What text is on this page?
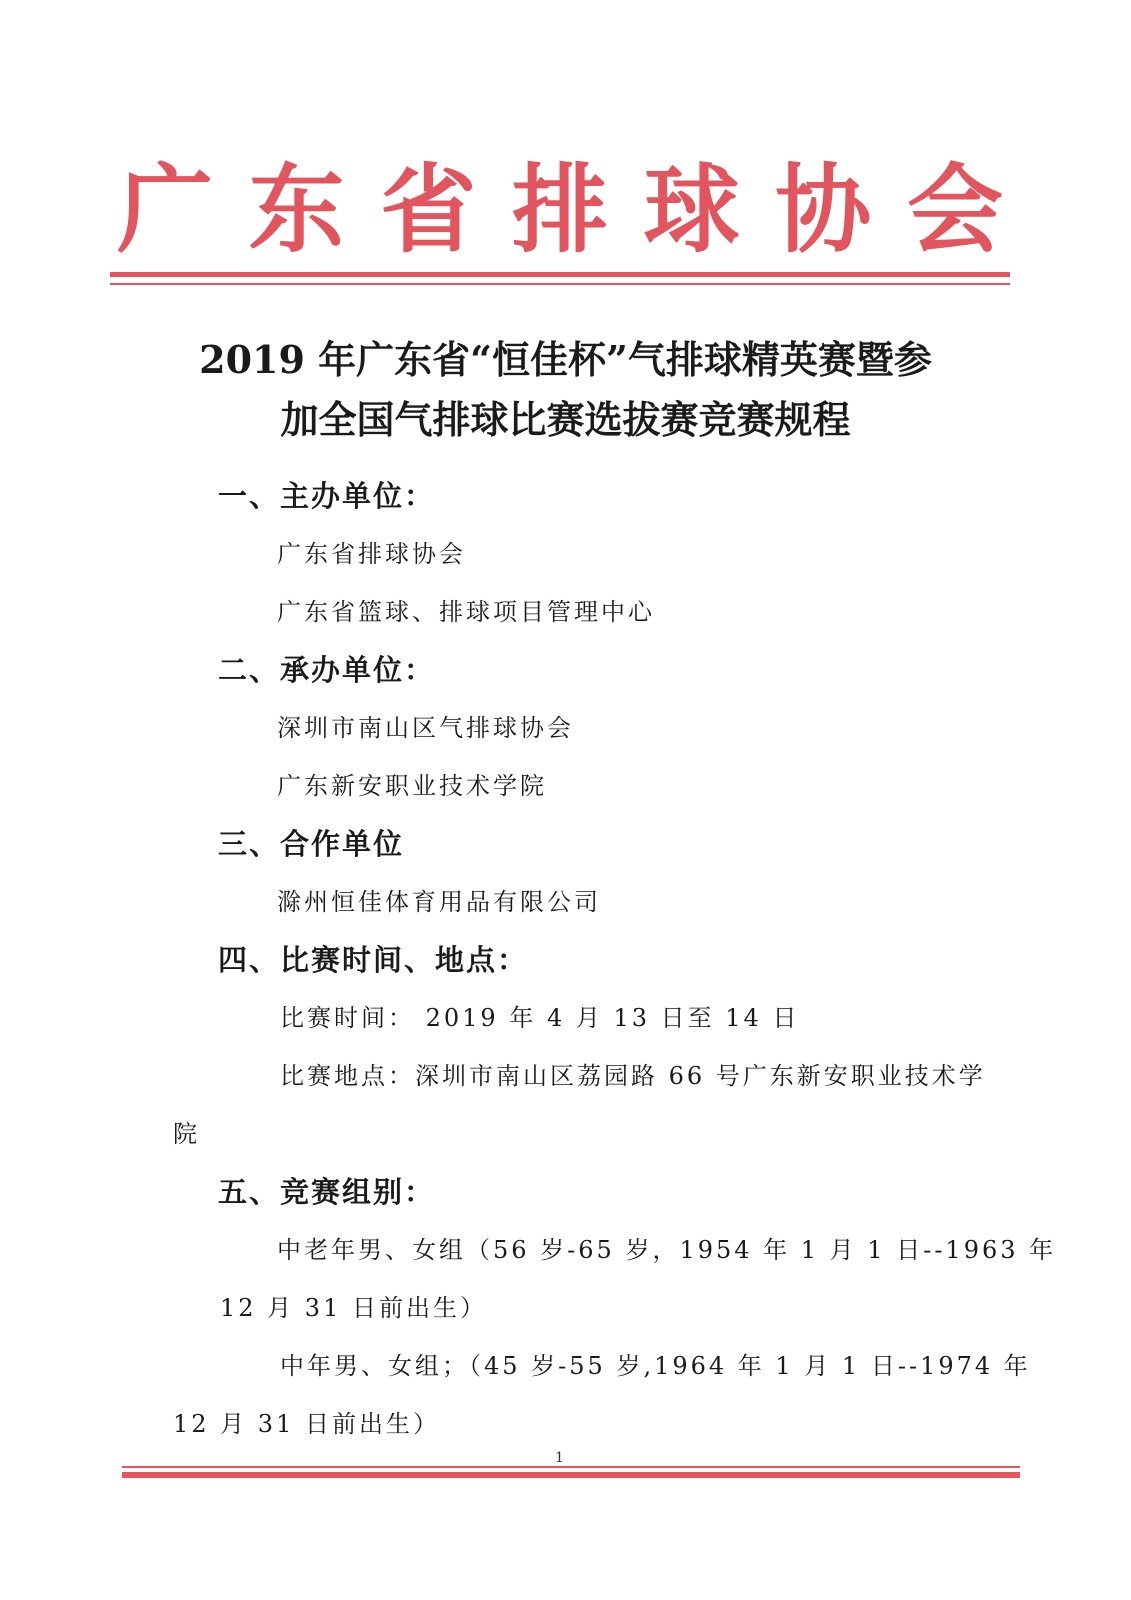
广 东 省 排 球 协 会
2019 年广东省“恒佳杯”气排球精英赛暨参
加全国气排球比赛选拔赛竞赛规程
一、主办单位：
广东省排球协会
广东省篮球、排球项目管理中心
二、承办单位：
深圳市南山区气排球协会
广东新安职业技术学院
三、合作单位
滁州恒佳体育用品有限公司
四、比赛时间、地点：
比赛时间： 2019 年 4 月 13 日至 14 日
比赛地点：深圳市南山区荔园路 66 号广东新安职业技术学
院
五、竞赛组别：
中老年男、女组（56 岁-65 岁，1954 年 1 月 1 日--1963 年
12 月 31 日前出生）
中年男、女组；（45 岁-55 岁,1964 年 1 月 1 日--1974 年
12 月 31 日前出生）
1
